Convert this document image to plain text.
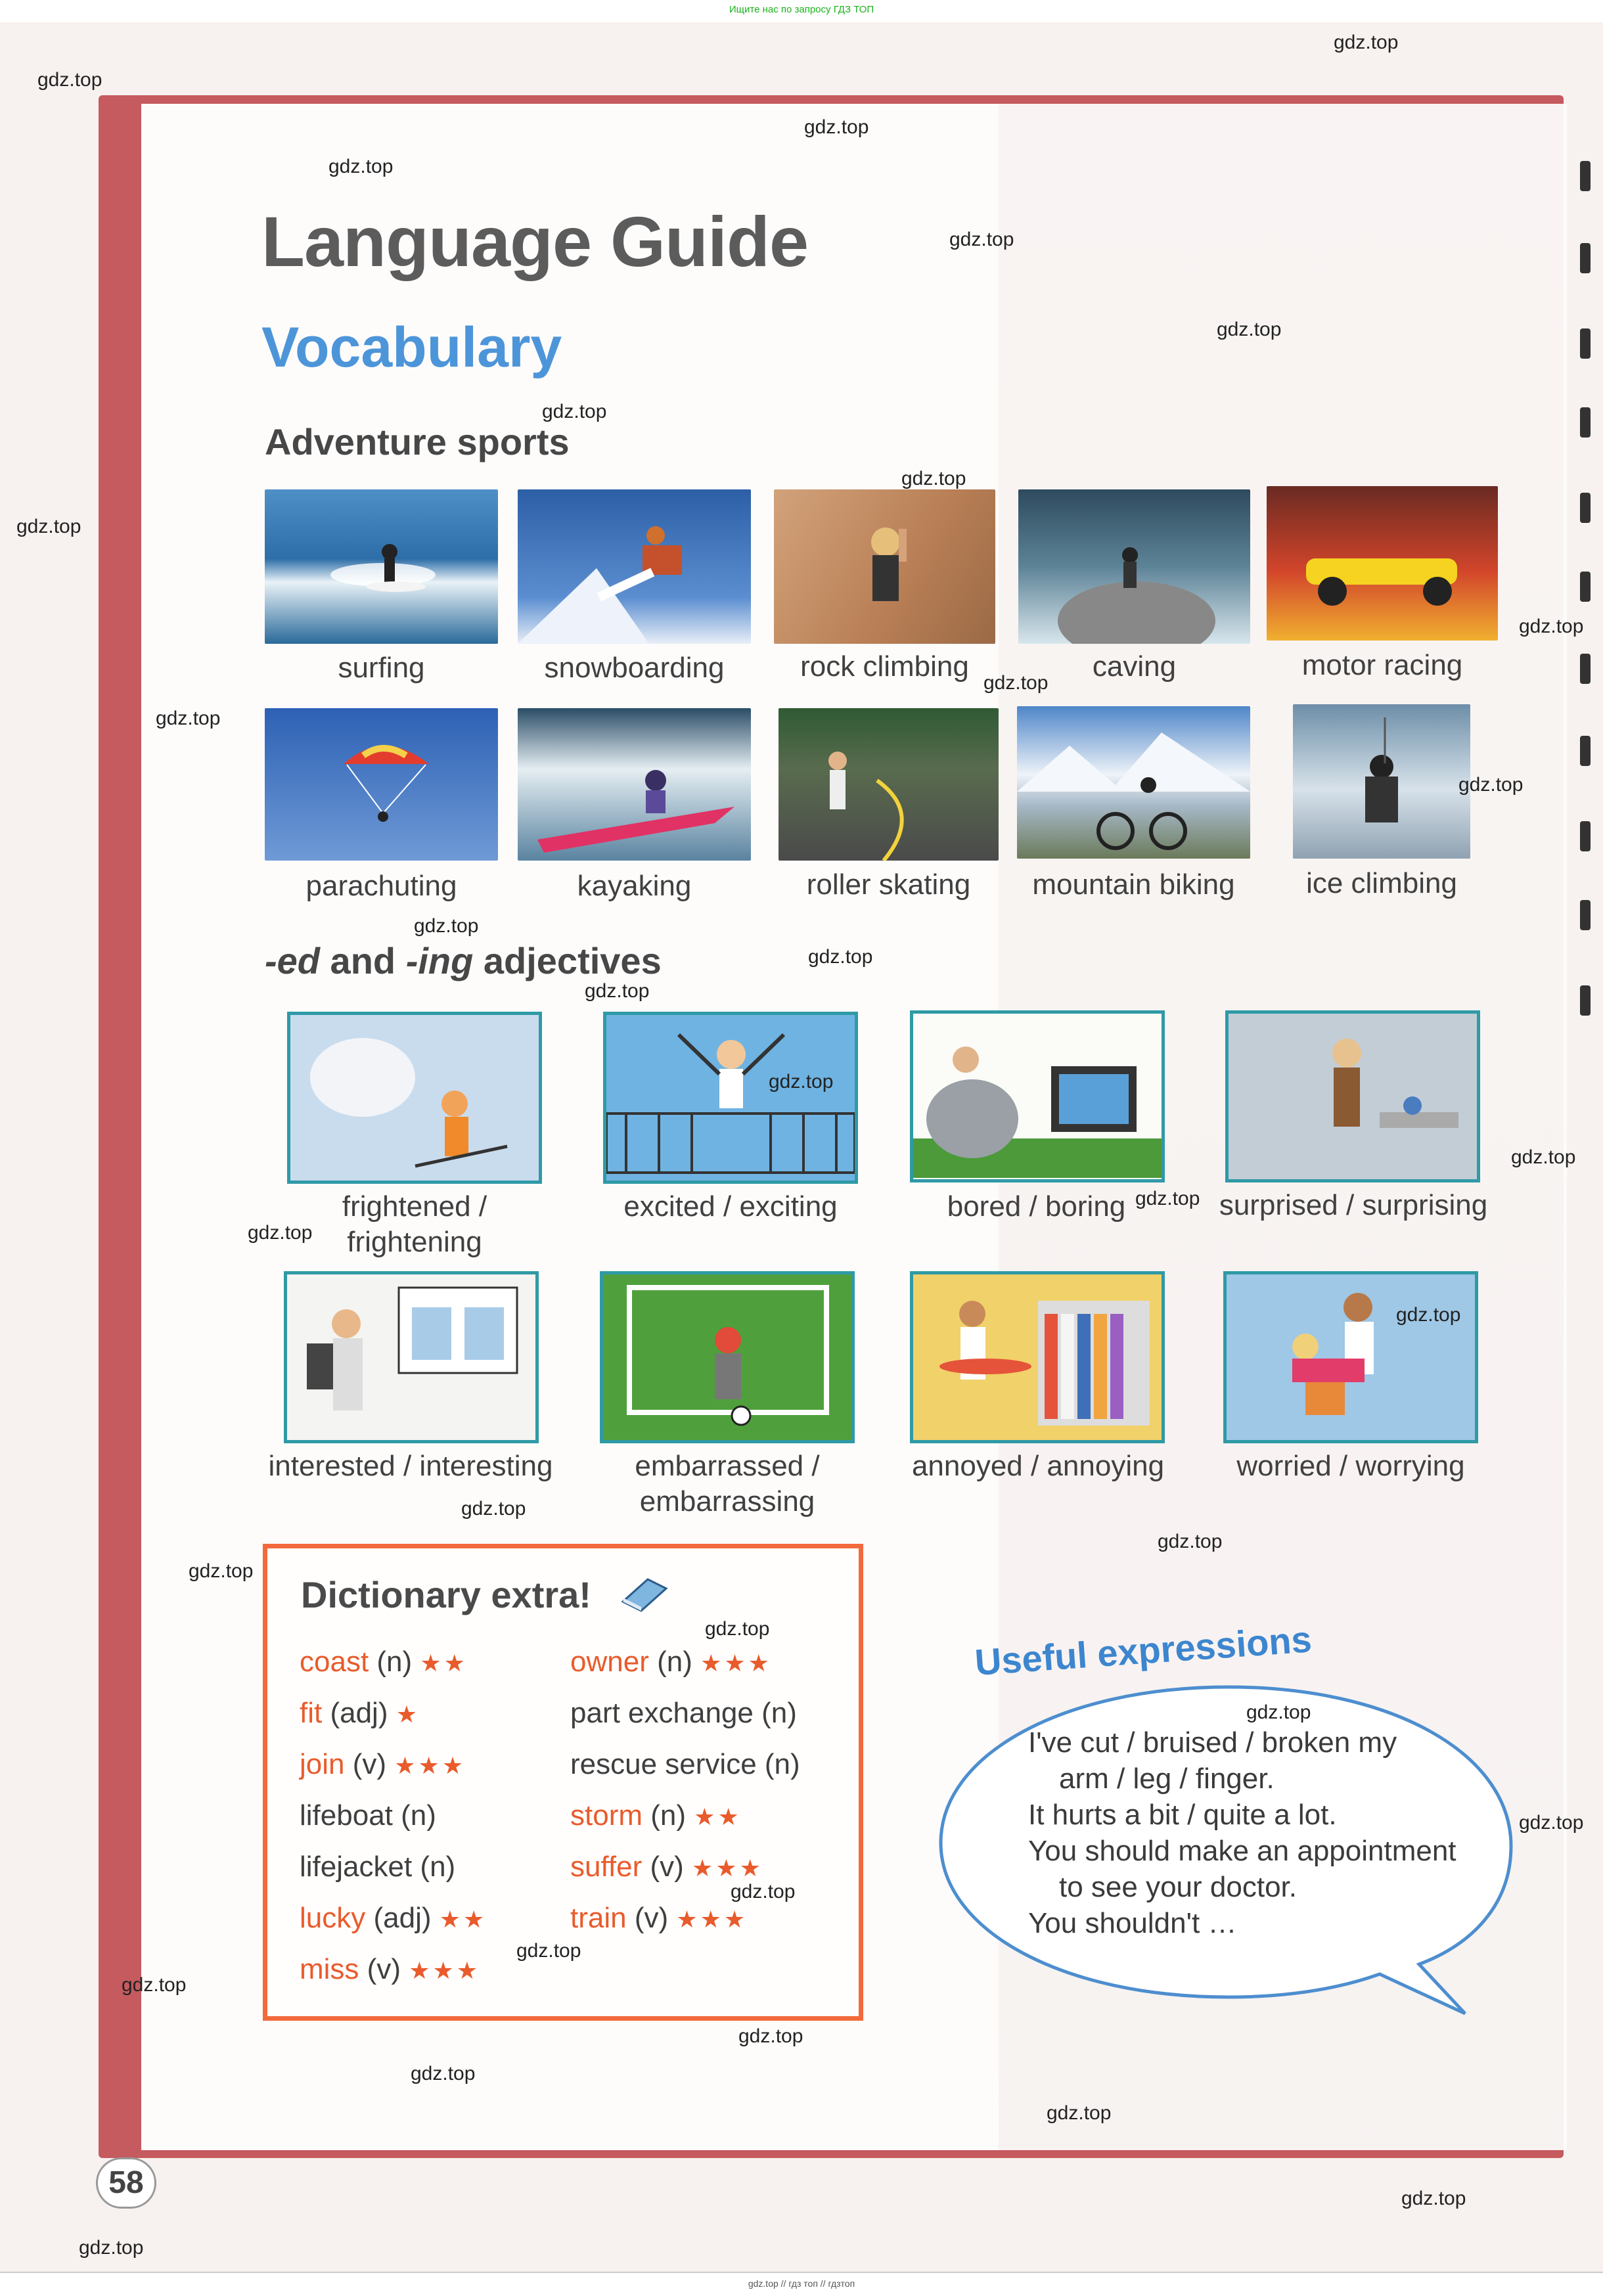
Ищите нас по запросу ГДЗ ТОП
Language Guide
Vocabulary
Adventure sports
surfing	snowboarding	rock climbing	caving	motor racing
parachuting	kayaking	roller skating	mountain biking	ice climbing
-ed and -ing adjectives
frightened /
frightening
excited / exciting	bored / boring	surprised / surprising
interested / interesting	embarrassed /
embarrassing
annoyed / annoying	worried / worrying
Dictionary extra!
coast (n) ★★
fit (adj) ★
join (v) ★★★
lifeboat (n)
lifejacket (n)
lucky (adj) ★★
miss (v) ★★★
owner (n) ★★★
part exchange (n)
rescue service (n)
storm (n) ★★
suffer (v) ★★★
train (v) ★★★
Useful expressions
I've cut / bruised / broken my
arm / leg / finger.
It hurts a bit / quite a lot.
You should make an appointment
to see your doctor.
You shouldn't …
58
gdz.top
gdz.top
gdz.top
gdz.top
gdz.top
gdz.top
gdz.top
gdz.top
gdz.top
gdz.top
gdz.top
gdz.top
gdz.top
gdz.top
gdz.top
gdz.top
gdz.top
gdz.top
gdz.top
gdz.top
gdz.top
gdz.top
gdz.top
gdz.top
gdz.top
gdz.top
gdz.top
gdz.top
gdz.top
gdz.top
gdz.top
gdz.top
gdz.top
gdz.top
gdz.top
gdz.top // гдз топ // гдзтоп
